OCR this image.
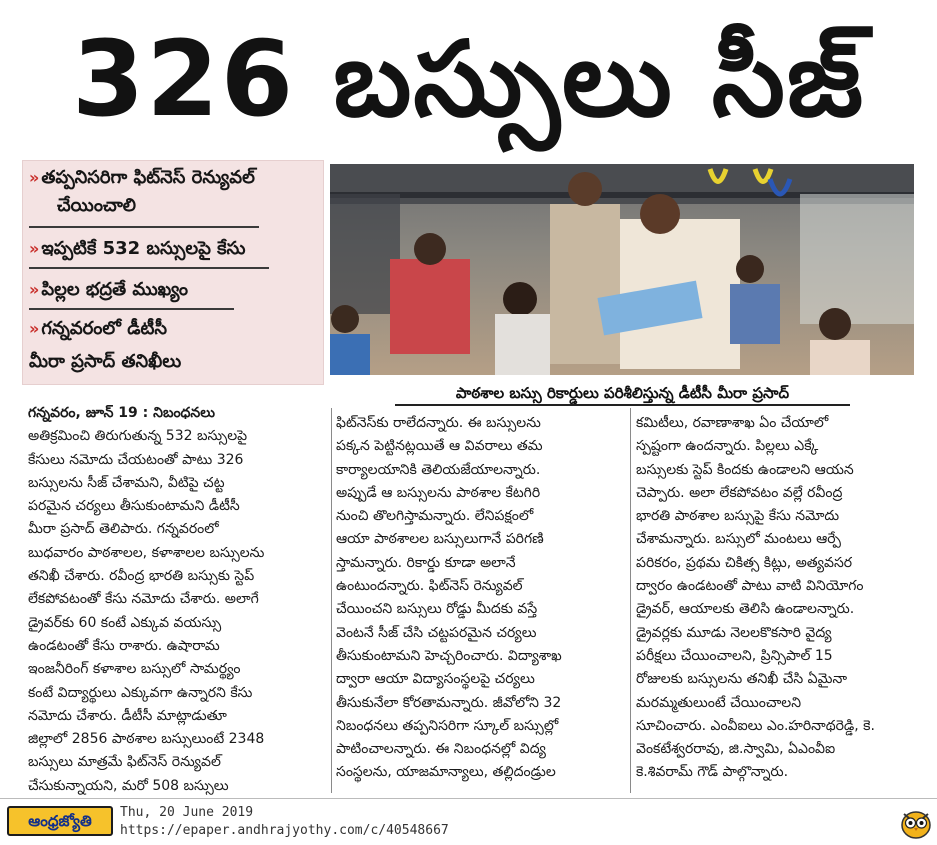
326 బస్సులు సీజ్
» తప్పనిసరిగా ఫిట్‌నెస్ రెన్యువల్
చేయించాలి
» ఇప్పటికే 532 బస్సులపై కేసు
» పిల్లల భద్రతే ముఖ్యం
» గన్నవరంలో డీటీసీ
మీరా ప్రసాద్ తనిఖీలు
పాఠశాల బస్సు రికార్డులు పరిశీలిస్తున్న డీటీసీ మీరా ప్రసాద్

గన్నవరం, జూన్ 19 : నిబంధనలు

అతిక్రమించి తిరుగుతున్న 532 బస్సులపై

కేసులు నమోదు చేయటంతో పాటు 326

బస్సులను సీజ్ చేశామని, వీటిపై చట్ట

పరమైన చర్యలు తీసుకుంటామని డీటీసీ

మీరా ప్రసాద్ తెలిపారు. గన్నవరంలో

బుధవారం పాఠశాలల, కళాశాలల బస్సులను

తనిఖీ చేశారు. రవీంద్ర భారతి బస్సుకు స్టెప్

లేకపోవటంతో కేసు నమోదు చేశారు. అలాగే

డ్రైవర్‌కు 60 కంటే ఎక్కువ వయస్సు

ఉండటంతో కేసు రాశారు. ఉషారామ

ఇంజనీరింగ్ కళాశాల బస్సులో సామర్థ్యం

కంటే విద్యార్థులు ఎక్కువగా ఉన్నారని కేసు

నమోదు చేశారు. డీటీసీ మాట్లాడుతూ

జిల్లాలో 2856 పాఠశాల బస్సులుంటే 2348

బస్సులు మాత్రమే ఫిట్‌నెస్ రెన్యువల్

చేసుకున్నాయని, మరో 508 బస్సులు

ఫిట్‌నెస్‌కు రాలేదన్నారు. ఈ బస్సులను

పక్కన పెట్టినట్లయితే ఆ వివరాలు తమ

కార్యాలయానికి తెలియజేయాలన్నారు.

అప్పుడే ఆ బస్సులను పాఠశాల కేటగిరి

నుంచి తొలగిస్తామన్నారు. లేనిపక్షంలో

ఆయా పాఠశాలల బస్సులుగానే పరిగణి

స్తామన్నారు. రికార్డు కూడా అలానే

ఉంటుందన్నారు. ఫిట్‌నెస్ రెన్యువల్

చేయించని బస్సులు రోడ్డు మీదకు వస్తే

వెంటనే సీజ్ చేసి చట్టపరమైన చర్యలు

తీసుకుంటామని హెచ్చరించారు. విద్యాశాఖ

ద్వారా ఆయా విద్యాసంస్థలపై చర్యలు

తీసుకునేలా కోరతామన్నారు. జీవోలోని 32

నిబంధనలు తప్పనిసరిగా స్కూల్ బస్సుల్లో

పాటించాలన్నారు. ఈ నిబంధనల్లో విద్య

సంస్థలను, యాజమాన్యాలు, తల్లిదండ్రుల

కమిటీలు, రవాణాశాఖ ఏం చేయాలో

స్పష్టంగా ఉందన్నారు. పిల్లలు ఎక్కే

బస్సులకు స్టెప్ కిందకు ఉండాలని ఆయన

చెప్పారు. అలా లేకపోవటం వల్లే రవీంద్ర

భారతి పాఠశాల బస్సుపై కేసు నమోదు

చేశామన్నారు. బస్సులో మంటలు ఆర్పే

పరికరం, ప్రథమ చికిత్స కిట్లు, అత్యవసర

ద్వారం ఉండటంతో పాటు వాటి వినియోగం

డ్రైవర్, ఆయాలకు తెలిసి ఉండాలన్నారు.

డ్రైవర్లకు మూడు నెలలకొకసారి వైద్య

పరీక్షలు చేయించాలని, ప్రిన్సిపాల్ 15

రోజులకు బస్సులను తనిఖీ చేసి ఏమైనా

మరమ్మతులుంటే చేయించాలని

సూచించారు. ఎంవీఐలు ఎం.హరినాథరెడ్డి, కె.

వెంకటేశ్వరరావు, జి.స్వామి, ఏఎంవీఐ

కె.శివరామ్ గౌడ్ పాల్గొన్నారు.

ఆంధ్రజ్యోతి	Thu, 20 June 2019
https://epaper.andhrajyothy.com/c/40548667
